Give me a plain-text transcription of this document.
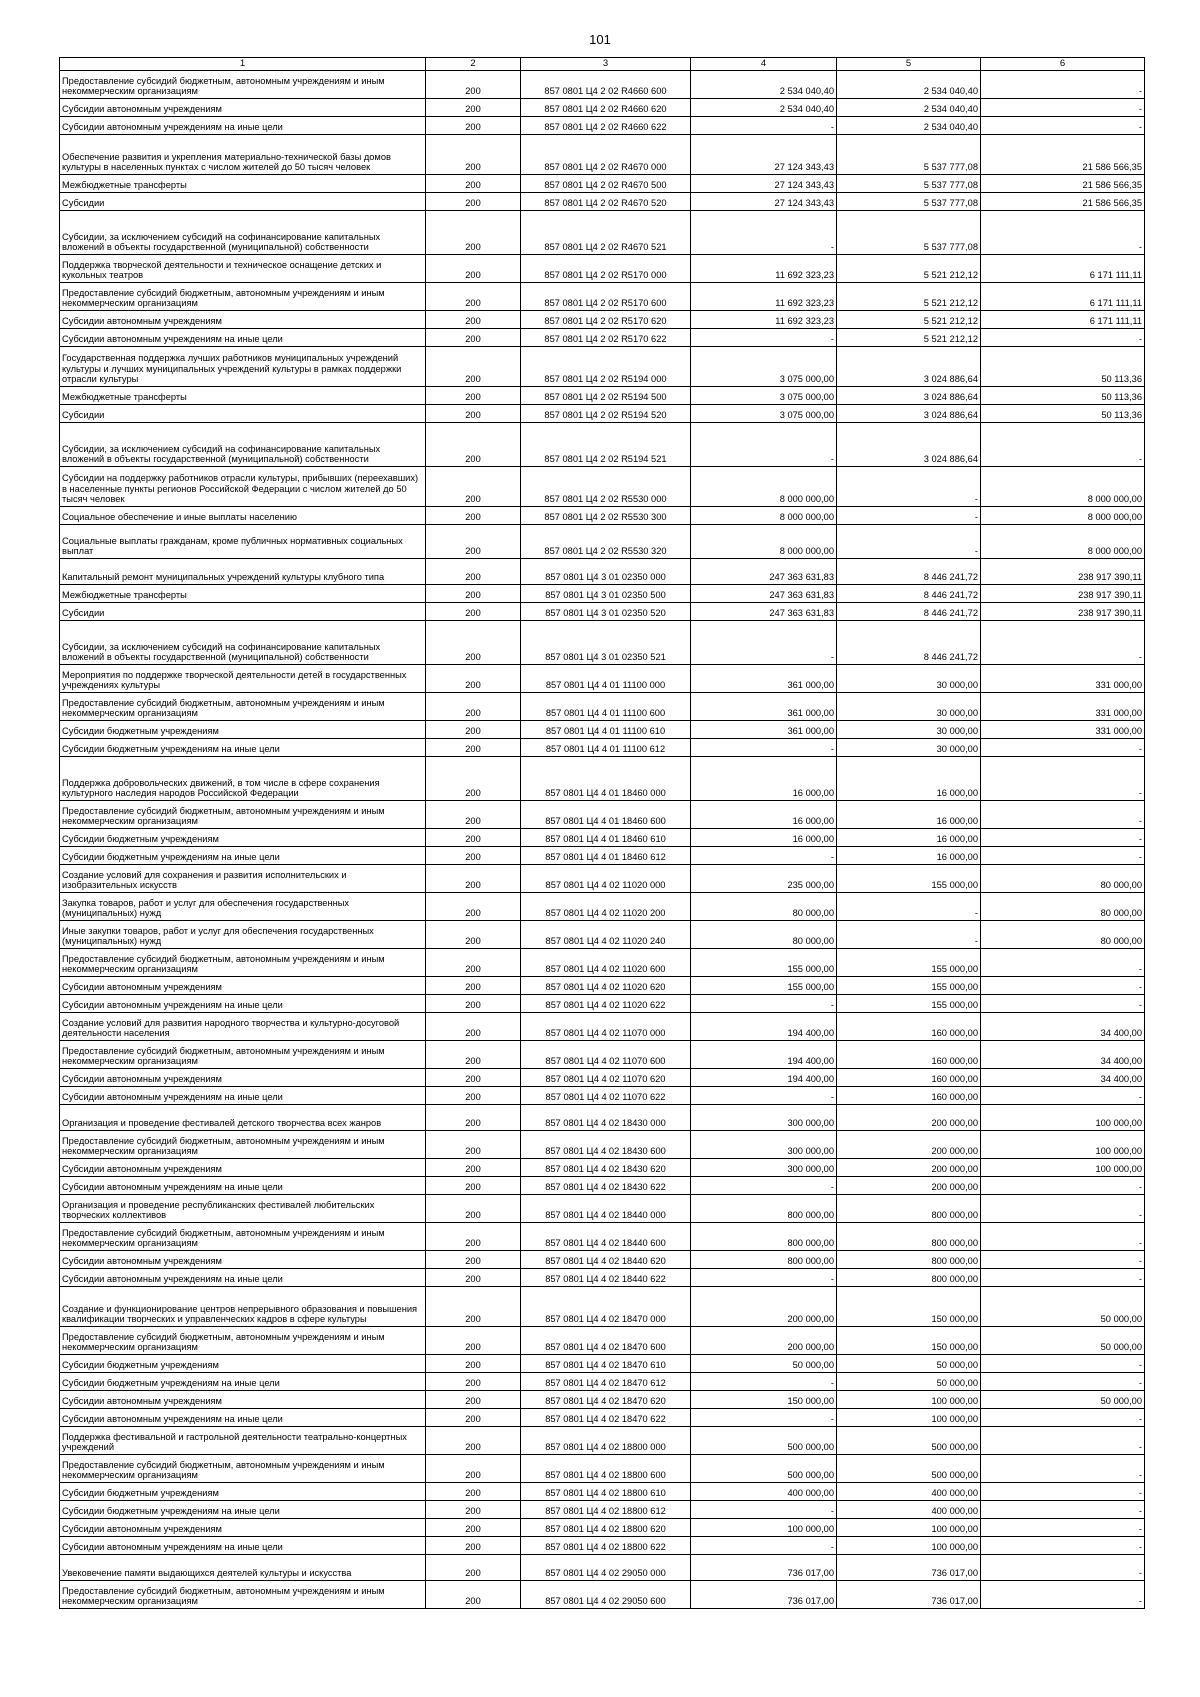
101
1	2	3	4	5	6
Предоставление субсидий бюджетным, автономным учреждениям и иным некоммерческим организациям	200	857 0801 Ц4 2 02 R4660 600	2 534 040,40	2 534 040,40	-
Субсидии автономным учреждениям	200	857 0801 Ц4 2 02 R4660 620	2 534 040,40	2 534 040,40	-
Субсидии автономным учреждениям на иные цели	200	857 0801 Ц4 2 02 R4660 622	-	2 534 040,40	-
Обеспечение развития и укрепления материально-технической базы домов культуры в населенных пунктах с числом жителей до 50 тысяч человек	200	857 0801 Ц4 2 02 R4670 000	27 124 343,43	5 537 777,08	21 586 566,35
Межбюджетные трансферты	200	857 0801 Ц4 2 02 R4670 500	27 124 343,43	5 537 777,08	21 586 566,35
Субсидии	200	857 0801 Ц4 2 02 R4670 520	27 124 343,43	5 537 777,08	21 586 566,35
Субсидии, за исключением субсидий на софинансирование капитальных вложений в объекты государственной (муниципальной) собственности	200	857 0801 Ц4 2 02 R4670 521	-	5 537 777,08	-
Поддержка творческой деятельности и техническое оснащение детских и кукольных театров	200	857 0801 Ц4 2 02 R5170 000	11 692 323,23	5 521 212,12	6 171 111,11
Предоставление субсидий бюджетным, автономным учреждениям и иным некоммерческим организациям	200	857 0801 Ц4 2 02 R5170 600	11 692 323,23	5 521 212,12	6 171 111,11
Субсидии автономным учреждениям	200	857 0801 Ц4 2 02 R5170 620	11 692 323,23	5 521 212,12	6 171 111,11
Субсидии автономным учреждениям на иные цели	200	857 0801 Ц4 2 02 R5170 622	-	5 521 212,12	-
Государственная поддержка лучших работников муниципальных учреждений культуры и лучших муниципальных учреждений культуры в рамках поддержки отрасли культуры	200	857 0801 Ц4 2 02 R5194 000	3 075 000,00	3 024 886,64	50 113,36
Межбюджетные трансферты	200	857 0801 Ц4 2 02 R5194 500	3 075 000,00	3 024 886,64	50 113,36
Субсидии	200	857 0801 Ц4 2 02 R5194 520	3 075 000,00	3 024 886,64	50 113,36
Субсидии, за исключением субсидий на софинансирование капитальных вложений в объекты государственной (муниципальной) собственности	200	857 0801 Ц4 2 02 R5194 521	-	3 024 886,64	-
Субсидии на поддержку работников отрасли культуры, прибывших (переехавших) в населенные пункты регионов Российской Федерации с числом жителей до 50 тысяч человек	200	857 0801 Ц4 2 02 R5530 000	8 000 000,00	-	8 000 000,00
Социальное обеспечение и иные выплаты населению	200	857 0801 Ц4 2 02 R5530 300	8 000 000,00	-	8 000 000,00
Социальные выплаты гражданам, кроме публичных нормативных социальных выплат	200	857 0801 Ц4 2 02 R5530 320	8 000 000,00	-	8 000 000,00
Капитальный ремонт муниципальных учреждений культуры клубного типа	200	857 0801 Ц4 3 01 02350 000	247 363 631,83	8 446 241,72	238 917 390,11
Межбюджетные трансферты	200	857 0801 Ц4 3 01 02350 500	247 363 631,83	8 446 241,72	238 917 390,11
Субсидии	200	857 0801 Ц4 3 01 02350 520	247 363 631,83	8 446 241,72	238 917 390,11
Субсидии, за исключением субсидий на софинансирование капитальных вложений в объекты государственной (муниципальной) собственности	200	857 0801 Ц4 3 01 02350 521	-	8 446 241,72	-
Мероприятия по поддержке творческой деятельности детей в государственных учреждениях культуры	200	857 0801 Ц4 4 01 11100 000	361 000,00	30 000,00	331 000,00
Предоставление субсидий бюджетным, автономным учреждениям и иным некоммерческим организациям	200	857 0801 Ц4 4 01 11100 600	361 000,00	30 000,00	331 000,00
Субсидии бюджетным учреждениям	200	857 0801 Ц4 4 01 11100 610	361 000,00	30 000,00	331 000,00
Субсидии бюджетным учреждениям на иные цели	200	857 0801 Ц4 4 01 11100 612	-	30 000,00	-
Поддержка добровольческих движений, в том числе в сфере сохранения культурного наследия народов Российской Федерации	200	857 0801 Ц4 4 01 18460 000	16 000,00	16 000,00	-
Предоставление субсидий бюджетным, автономным учреждениям и иным некоммерческим организациям	200	857 0801 Ц4 4 01 18460 600	16 000,00	16 000,00	-
Субсидии бюджетным учреждениям	200	857 0801 Ц4 4 01 18460 610	16 000,00	16 000,00	-
Субсидии бюджетным учреждениям на иные цели	200	857 0801 Ц4 4 01 18460 612	-	16 000,00	-
Создание условий для сохранения и развития исполнительских и изобразительных искусств	200	857 0801 Ц4 4 02 11020 000	235 000,00	155 000,00	80 000,00
Закупка товаров, работ и услуг для обеспечения государственных (муниципальных) нужд	200	857 0801 Ц4 4 02 11020 200	80 000,00	-	80 000,00
Иные закупки товаров, работ и услуг для обеспечения государственных (муниципальных) нужд	200	857 0801 Ц4 4 02 11020 240	80 000,00	-	80 000,00
Предоставление субсидий бюджетным, автономным учреждениям и иным некоммерческим организациям	200	857 0801 Ц4 4 02 11020 600	155 000,00	155 000,00	-
Субсидии автономным учреждениям	200	857 0801 Ц4 4 02 11020 620	155 000,00	155 000,00	-
Субсидии автономным учреждениям на иные цели	200	857 0801 Ц4 4 02 11020 622	-	155 000,00	-
Создание условий для развития народного творчества и культурно-досуговой деятельности населения	200	857 0801 Ц4 4 02 11070 000	194 400,00	160 000,00	34 400,00
Предоставление субсидий бюджетным, автономным учреждениям и иным некоммерческим организациям	200	857 0801 Ц4 4 02 11070 600	194 400,00	160 000,00	34 400,00
Субсидии автономным учреждениям	200	857 0801 Ц4 4 02 11070 620	194 400,00	160 000,00	34 400,00
Субсидии автономным учреждениям на иные цели	200	857 0801 Ц4 4 02 11070 622	-	160 000,00	-
Организация и проведение фестивалей детского творчества всех жанров	200	857 0801 Ц4 4 02 18430 000	300 000,00	200 000,00	100 000,00
Предоставление субсидий бюджетным, автономным учреждениям и иным некоммерческим организациям	200	857 0801 Ц4 4 02 18430 600	300 000,00	200 000,00	100 000,00
Субсидии автономным учреждениям	200	857 0801 Ц4 4 02 18430 620	300 000,00	200 000,00	100 000,00
Субсидии автономным учреждениям на иные цели	200	857 0801 Ц4 4 02 18430 622	-	200 000,00	-
Организация и проведение республиканских фестивалей любительских творческих коллективов	200	857 0801 Ц4 4 02 18440 000	800 000,00	800 000,00	-
Предоставление субсидий бюджетным, автономным учреждениям и иным некоммерческим организациям	200	857 0801 Ц4 4 02 18440 600	800 000,00	800 000,00	-
Субсидии автономным учреждениям	200	857 0801 Ц4 4 02 18440 620	800 000,00	800 000,00	-
Субсидии автономным учреждениям на иные цели	200	857 0801 Ц4 4 02 18440 622	-	800 000,00	-
Создание и функционирование центров непрерывного образования и повышения квалификации творческих и управленческих кадров в сфере культуры	200	857 0801 Ц4 4 02 18470 000	200 000,00	150 000,00	50 000,00
Предоставление субсидий бюджетным, автономным учреждениям и иным некоммерческим организациям	200	857 0801 Ц4 4 02 18470 600	200 000,00	150 000,00	50 000,00
Субсидии бюджетным учреждениям	200	857 0801 Ц4 4 02 18470 610	50 000,00	50 000,00	-
Субсидии бюджетным учреждениям на иные цели	200	857 0801 Ц4 4 02 18470 612	-	50 000,00	-
Субсидии автономным учреждениям	200	857 0801 Ц4 4 02 18470 620	150 000,00	100 000,00	50 000,00
Субсидии автономным учреждениям на иные цели	200	857 0801 Ц4 4 02 18470 622	-	100 000,00	-
Поддержка фестивальной и гастрольной деятельности театрально-концертных учреждений	200	857 0801 Ц4 4 02 18800 000	500 000,00	500 000,00	-
Предоставление субсидий бюджетным, автономным учреждениям и иным некоммерческим организациям	200	857 0801 Ц4 4 02 18800 600	500 000,00	500 000,00	-
Субсидии бюджетным учреждениям	200	857 0801 Ц4 4 02 18800 610	400 000,00	400 000,00	-
Субсидии бюджетным учреждениям на иные цели	200	857 0801 Ц4 4 02 18800 612	-	400 000,00	-
Субсидии автономным учреждениям	200	857 0801 Ц4 4 02 18800 620	100 000,00	100 000,00	-
Субсидии автономным учреждениям на иные цели	200	857 0801 Ц4 4 02 18800 622	-	100 000,00	-
Увековечение памяти выдающихся деятелей культуры и искусства	200	857 0801 Ц4 4 02 29050 000	736 017,00	736 017,00	-
Предоставление субсидий бюджетным, автономным учреждениям и иным некоммерческим организациям	200	857 0801 Ц4 4 02 29050 600	736 017,00	736 017,00	-
